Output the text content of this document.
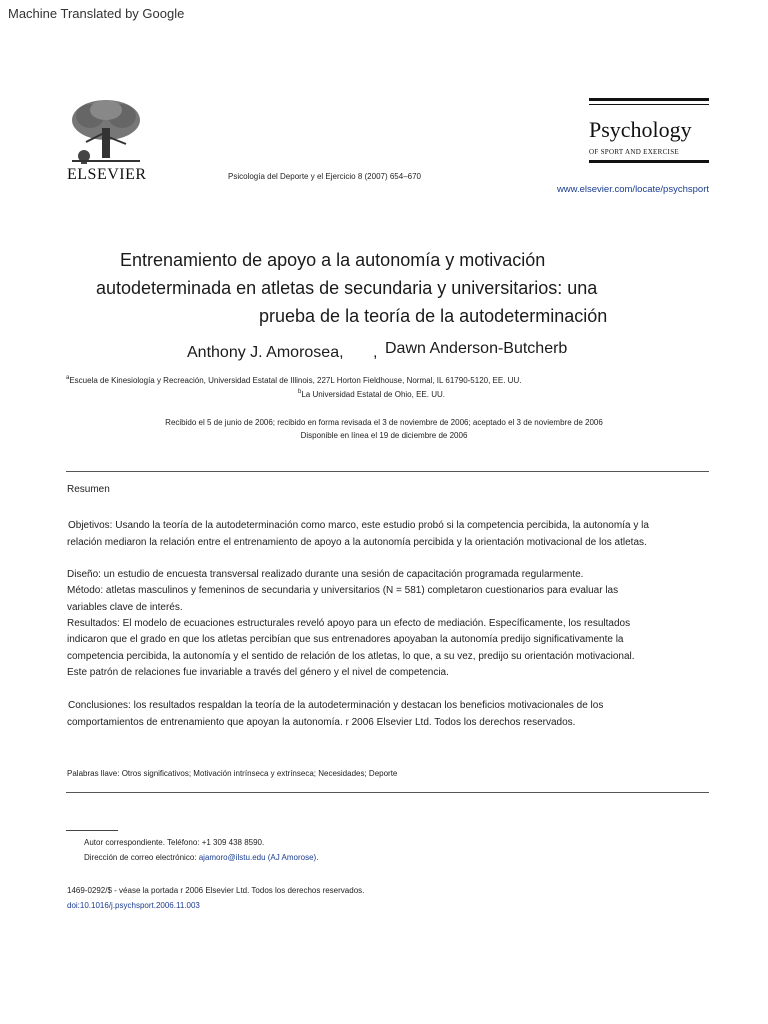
Machine Translated by Google
ELSEVIER	Psicología del Deporte y el Ejercicio 8 (2007) 654–670
Psychology
OF SPORT AND EXERCISE
www.elsevier.com/locate/psychsport
Entrenamiento de apoyo a la autonomía y motivación
autodeterminada en atletas de secundaria y universitarios: una
prueba de la teoría de la autodeterminación
Anthony J. Amorosea, , Dawn Anderson-Butcherb
$^a$Escuela de Kinesiología y Recreación, Universidad Estatal de Illinois, 227L Horton Fieldhouse, Normal, IL 61790-5120, EE. UU.
$^b$La Universidad Estatal de Ohio, EE. UU.
Recibido el 5 de junio de 2006; recibido en forma revisada el 3 de noviembre de 2006; aceptado el 3 de noviembre de 2006
Disponible en línea el 19 de diciembre de 2006
Resumen
Objetivos: Usando la teoría de la autodeterminación como marco, este estudio probó si la competencia percibida, la autonomía y la
relación mediaron la relación entre el entrenamiento de apoyo a la autonomía percibida y la orientación motivacional de los atletas.
Diseño: un estudio de encuesta transversal realizado durante una sesión de capacitación programada regularmente.
Método: atletas masculinos y femeninos de secundaria y universitarios (N = 581) completaron cuestionarios para evaluar las
variables clave de interés.
Resultados: El modelo de ecuaciones estructurales reveló apoyo para un efecto de mediación. Específicamente, los resultados
indicaron que el grado en que los atletas percibían que sus entrenadores apoyaban la autonomía predijo significativamente la
competencia percibida, la autonomía y el sentido de relación de los atletas, lo que, a su vez, predijo su orientación motivacional.
Este patrón de relaciones fue invariable a través del género y el nivel de competencia.
Conclusiones: los resultados respaldan la teoría de la autodeterminación y destacan los beneficios motivacionales de los
comportamientos de entrenamiento que apoyan la autonomía. r 2006 Elsevier Ltd. Todos los derechos reservados.
Palabras llave: Otros significativos; Motivación intrínseca y extrínseca; Necesidades; Deporte
Autor correspondiente. Teléfono: +1 309 438 8590.
Dirección de correo electrónico: ajamoro@ilstu.edu (AJ Amorose).
1469-0292/$ - véase la portada r 2006 Elsevier Ltd. Todos los derechos reservados.
doi:10.1016/j.psychsport.2006.11.003
